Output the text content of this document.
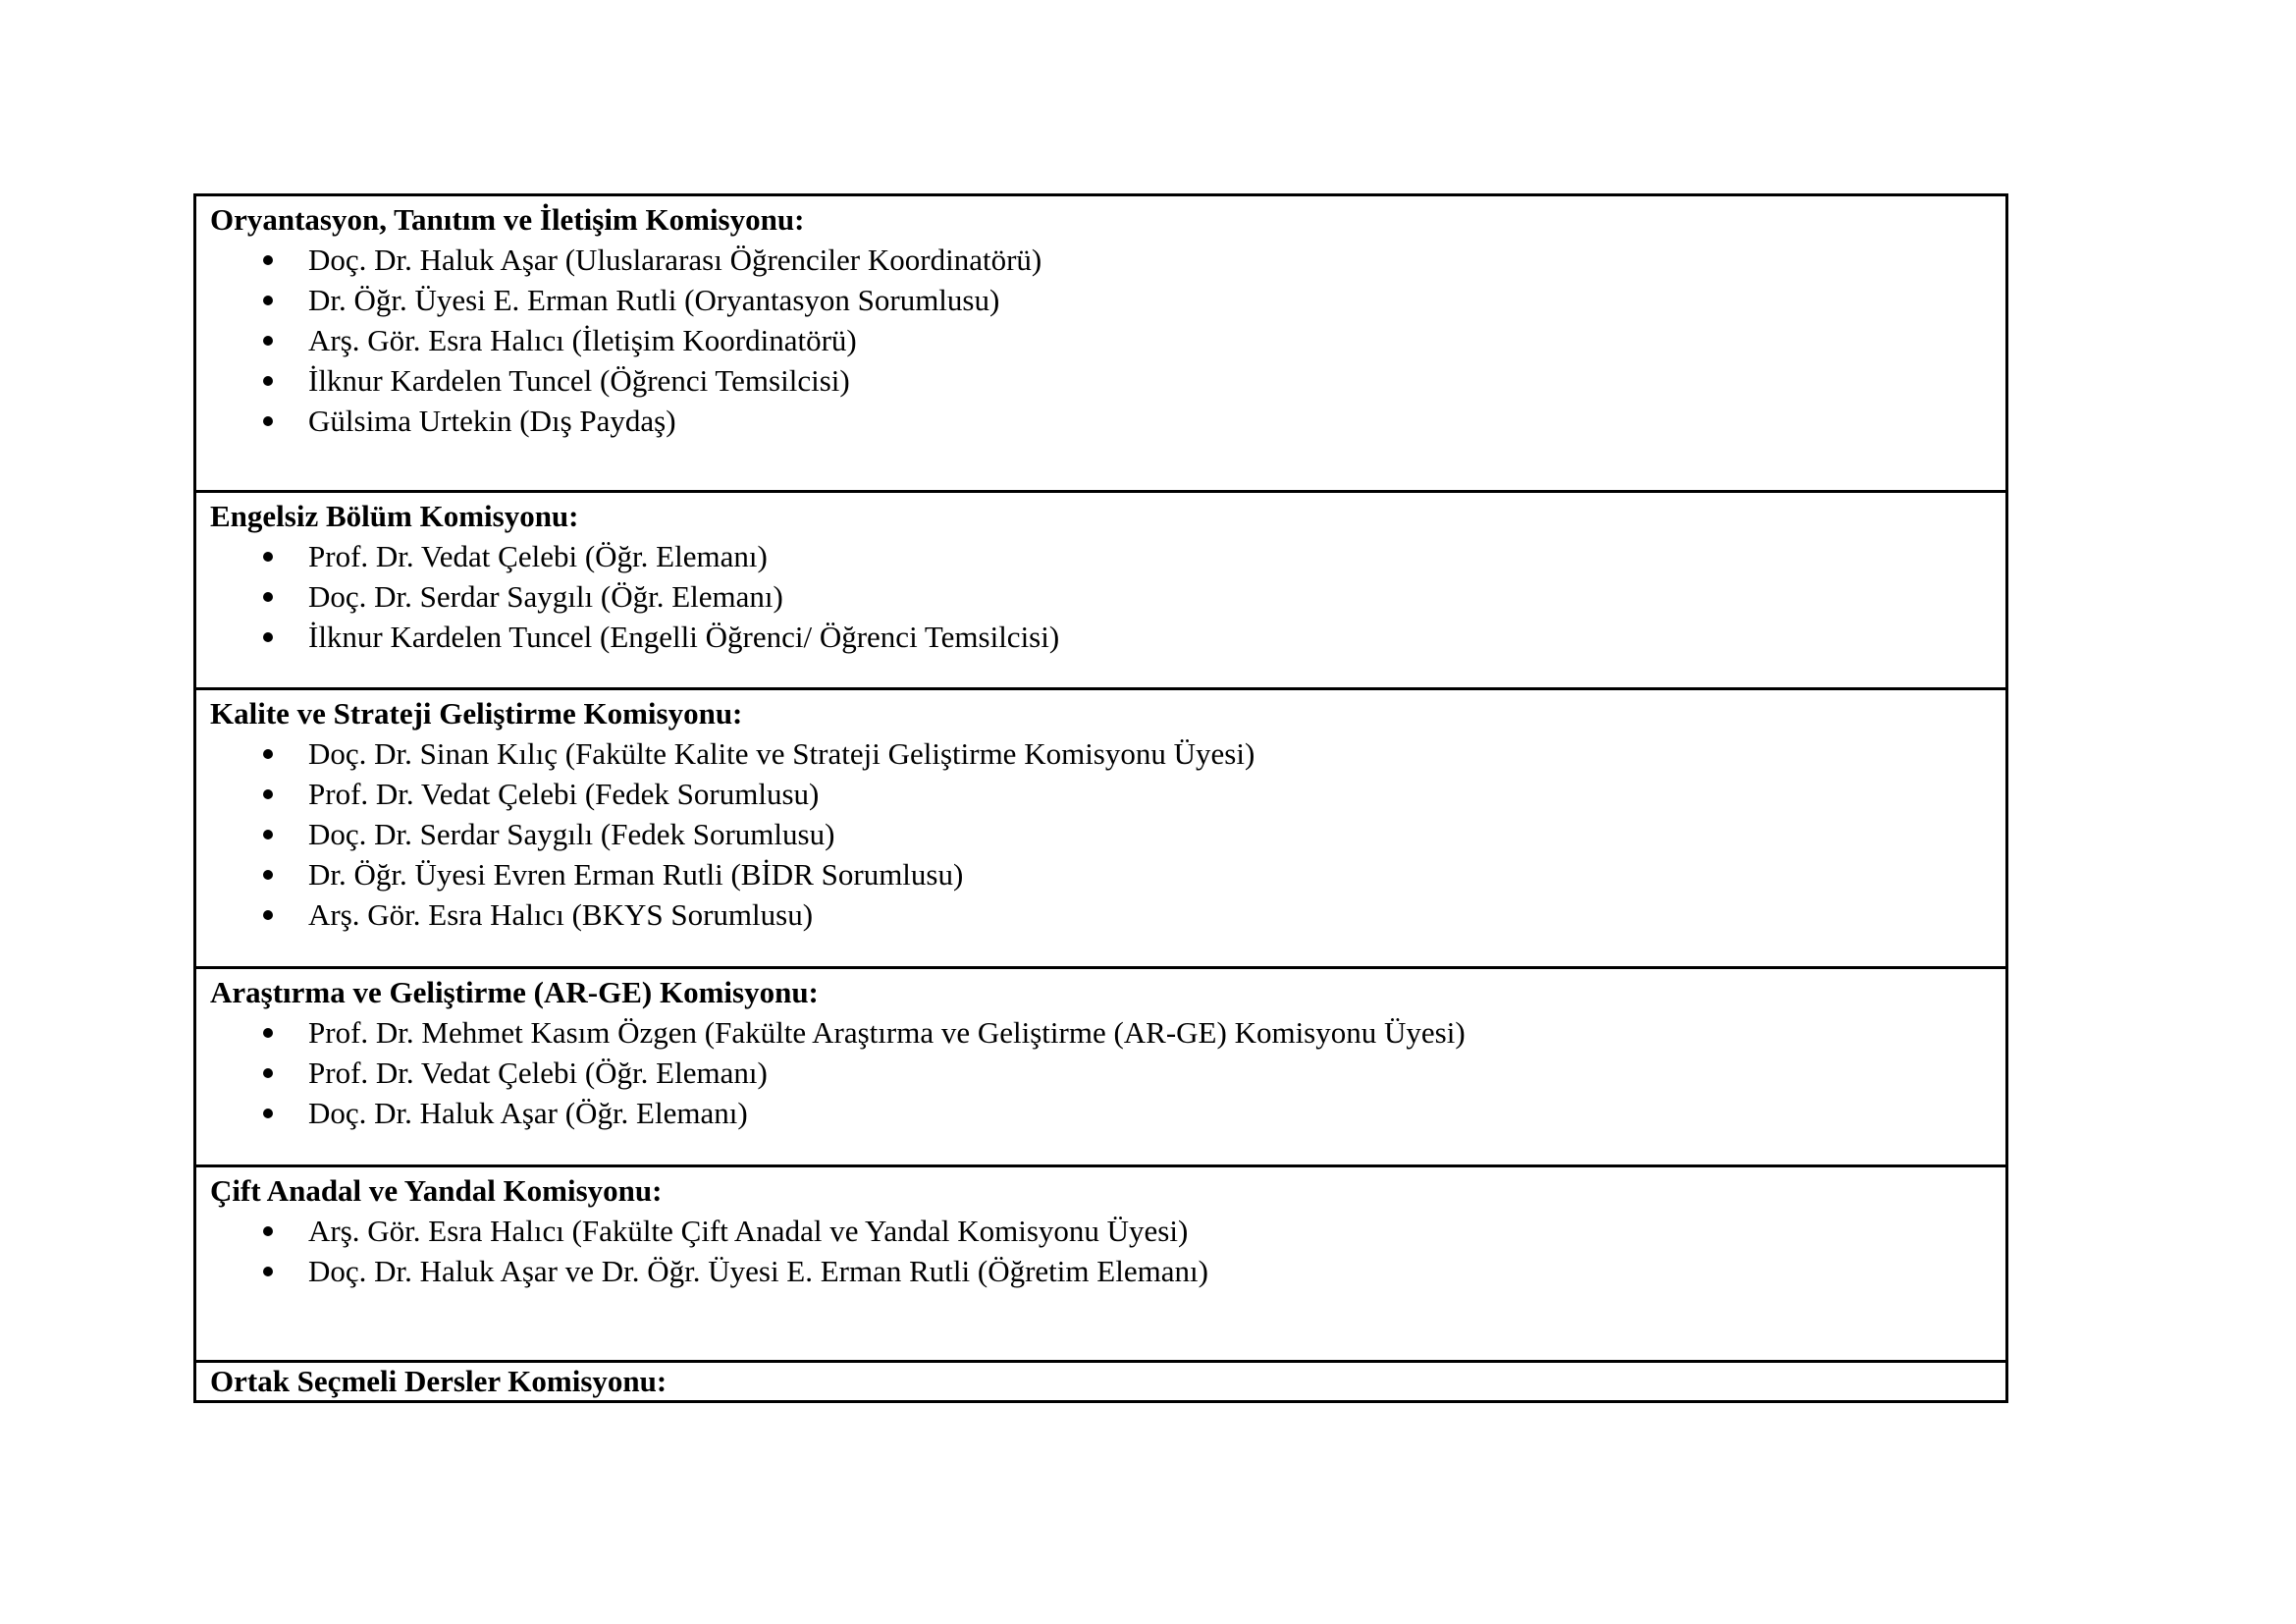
Oryantasyon, Tanıtım ve İletişim Komisyonu:

Doç. Dr. Haluk Aşar (Uluslararası Öğrenciler Koordinatörü)
Dr. Öğr. Üyesi E. Erman Rutli (Oryantasyon Sorumlusu)
Arş. Gör. Esra Halıcı (İletişim Koordinatörü)
İlknur Kardelen Tuncel (Öğrenci Temsilcisi)
Gülsima Urtekin (Dış Paydaş)

Engelsiz Bölüm Komisyonu:

Prof. Dr. Vedat Çelebi (Öğr. Elemanı)
Doç. Dr. Serdar Saygılı (Öğr. Elemanı)
İlknur Kardelen Tuncel (Engelli Öğrenci/ Öğrenci Temsilcisi)

Kalite ve Strateji Geliştirme Komisyonu:

Doç. Dr. Sinan Kılıç (Fakülte Kalite ve Strateji Geliştirme Komisyonu Üyesi)
Prof. Dr. Vedat Çelebi (Fedek Sorumlusu)
Doç. Dr. Serdar Saygılı (Fedek Sorumlusu)
Dr. Öğr. Üyesi Evren Erman Rutli (BİDR Sorumlusu)
Arş. Gör. Esra Halıcı (BKYS Sorumlusu)

Araştırma ve Geliştirme (AR-GE) Komisyonu:

Prof. Dr. Mehmet Kasım Özgen (Fakülte Araştırma ve Geliştirme (AR-GE) Komisyonu Üyesi)
Prof. Dr. Vedat Çelebi (Öğr. Elemanı)
Doç. Dr. Haluk Aşar (Öğr. Elemanı)

Çift Anadal ve Yandal Komisyonu:

Arş. Gör. Esra Halıcı (Fakülte Çift Anadal ve Yandal Komisyonu Üyesi)
Doç. Dr. Haluk Aşar ve Dr. Öğr. Üyesi E. Erman Rutli (Öğretim Elemanı)

Ortak Seçmeli Dersler Komisyonu:
